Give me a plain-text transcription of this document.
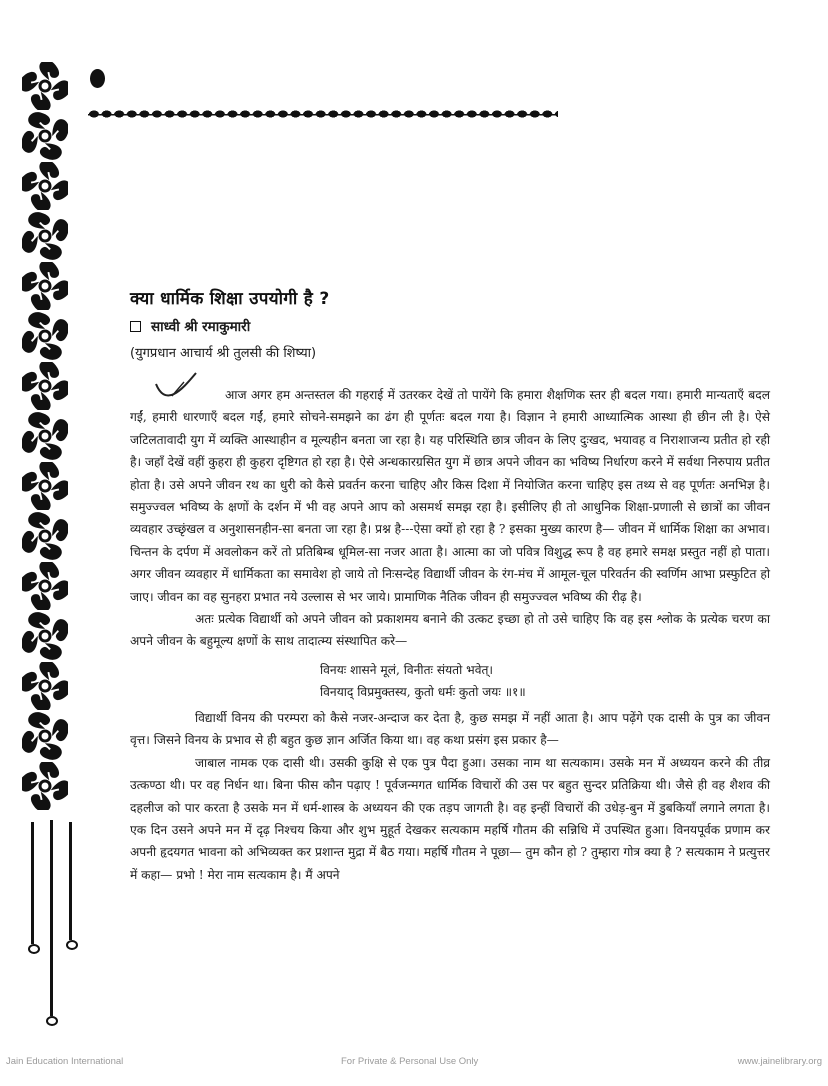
क्या धार्मिक शिक्षा उपयोगी है ?
साध्वी श्री रमाकुमारी
(युगप्रधान आचार्य श्री तुलसी की शिष्या)

आज अगर हम अन्तस्तल की गहराई में उतरकर देखें तो पायेंगे कि हमारा शैक्षणिक स्तर ही बदल गया। हमारी मान्यताएँ बदल गईं, हमारी धारणाएँ बदल गईं, हमारे सोचने-समझने का ढंग ही पूर्णतः बदल गया है। विज्ञान ने हमारी आध्यात्मिक आस्था ही छीन ली है। ऐसे जटिलतावादी युग में व्यक्ति आस्थाहीन व मूल्यहीन बनता जा रहा है। यह परिस्थिति छात्र जीवन के लिए दुःखद, भयावह व निराशाजन्य प्रतीत हो रही है। जहाँ देखें वहीं कुहरा ही कुहरा दृष्टिगत हो रहा है। ऐसे अन्धकारग्रसित युग में छात्र अपने जीवन का भविष्य निर्धारण करने में सर्वथा निरुपाय प्रतीत होता है। उसे अपने जीवन रथ का धुरी को कैसे प्रवर्तन करना चाहिए और किस दिशा में नियोजित करना चाहिए इस तथ्य से वह पूर्णतः अनभिज्ञ है। समुज्ज्वल भविष्य के क्षणों के दर्शन में भी वह अपने आप को असमर्थ समझ रहा है। इसीलिए ही तो आधुनिक शिक्षा-प्रणाली से छात्रों का जीवन व्यवहार उच्छृंखल व अनुशासनहीन-सा बनता जा रहा है। प्रश्न है---ऐसा क्यों हो रहा है ? इसका मुख्य कारण है— जीवन में धार्मिक शिक्षा का अभाव। चिन्तन के दर्पण में अवलोकन करें तो प्रतिबिम्ब धूमिल-सा नजर आता है। आत्मा का जो पवित्र विशुद्ध रूप है वह हमारे समक्ष प्रस्तुत नहीं हो पाता। अगर जीवन व्यवहार में धार्मिकता का समावेश हो जाये तो निःसन्देह विद्यार्थी जीवन के रंग-मंच में आमूल-चूल परिवर्तन की स्वर्णिम आभा प्रस्फुटित हो जाए। जीवन का वह सुनहरा प्रभात नये उल्लास से भर जाये। प्रामाणिक नैतिक जीवन ही समुज्ज्वल भविष्य की रीढ़ है।

अतः प्रत्येक विद्यार्थी को अपने जीवन को प्रकाशमय बनाने की उत्कट इच्छा हो तो उसे चाहिए कि वह इस श्लोक के प्रत्येक चरण का अपने जीवन के बहुमूल्य क्षणों के साथ तादात्म्य संस्थापित करे—

विनयः शासने मूलं, विनीतः संयतो भवेत्।
विनयाद् विप्रमुक्तस्य, कुतो धर्मः कुतो जयः ॥१॥

विद्यार्थी विनय की परम्परा को कैसे नजर-अन्दाज कर देता है, कुछ समझ में नहीं आता है। आप पढ़ेंगे एक दासी के पुत्र का जीवन वृत्त। जिसने विनय के प्रभाव से ही बहुत कुछ ज्ञान अर्जित किया था। वह कथा प्रसंग इस प्रकार है—

जाबाल नामक एक दासी थी। उसकी कुक्षि से एक पुत्र पैदा हुआ। उसका नाम था सत्यकाम। उसके मन में अध्ययन करने की तीव्र उत्कण्ठा थी। पर वह निर्धन था। बिना फीस कौन पढ़ाए ! पूर्वजन्मगत धार्मिक विचारों की उस पर बहुत सुन्दर प्रतिक्रिया थी। जैसे ही वह शैशव की दहलीज को पार करता है उसके मन में धर्म-शास्त्र के अध्ययन की एक तड़प जागती है। वह इन्हीं विचारों की उधेड़-बुन में डुबकियाँ लगाने लगता है। एक दिन उसने अपने मन में दृढ़ निश्चय किया और शुभ मुहूर्त देखकर सत्यकाम महर्षि गौतम की सन्निधि में उपस्थित हुआ। विनयपूर्वक प्रणाम कर अपनी हृदयगत भावना को अभिव्यक्त कर प्रशान्त मुद्रा में बैठ गया। महर्षि गौतम ने पूछा— तुम कौन हो ? तुम्हारा गोत्र क्या है ? सत्यकाम ने प्रत्युत्तर में कहा— प्रभो ! मेरा नाम सत्यकाम है। मैं अपने

Jain Education International	For Private & Personal Use Only	www.jainelibrary.org
